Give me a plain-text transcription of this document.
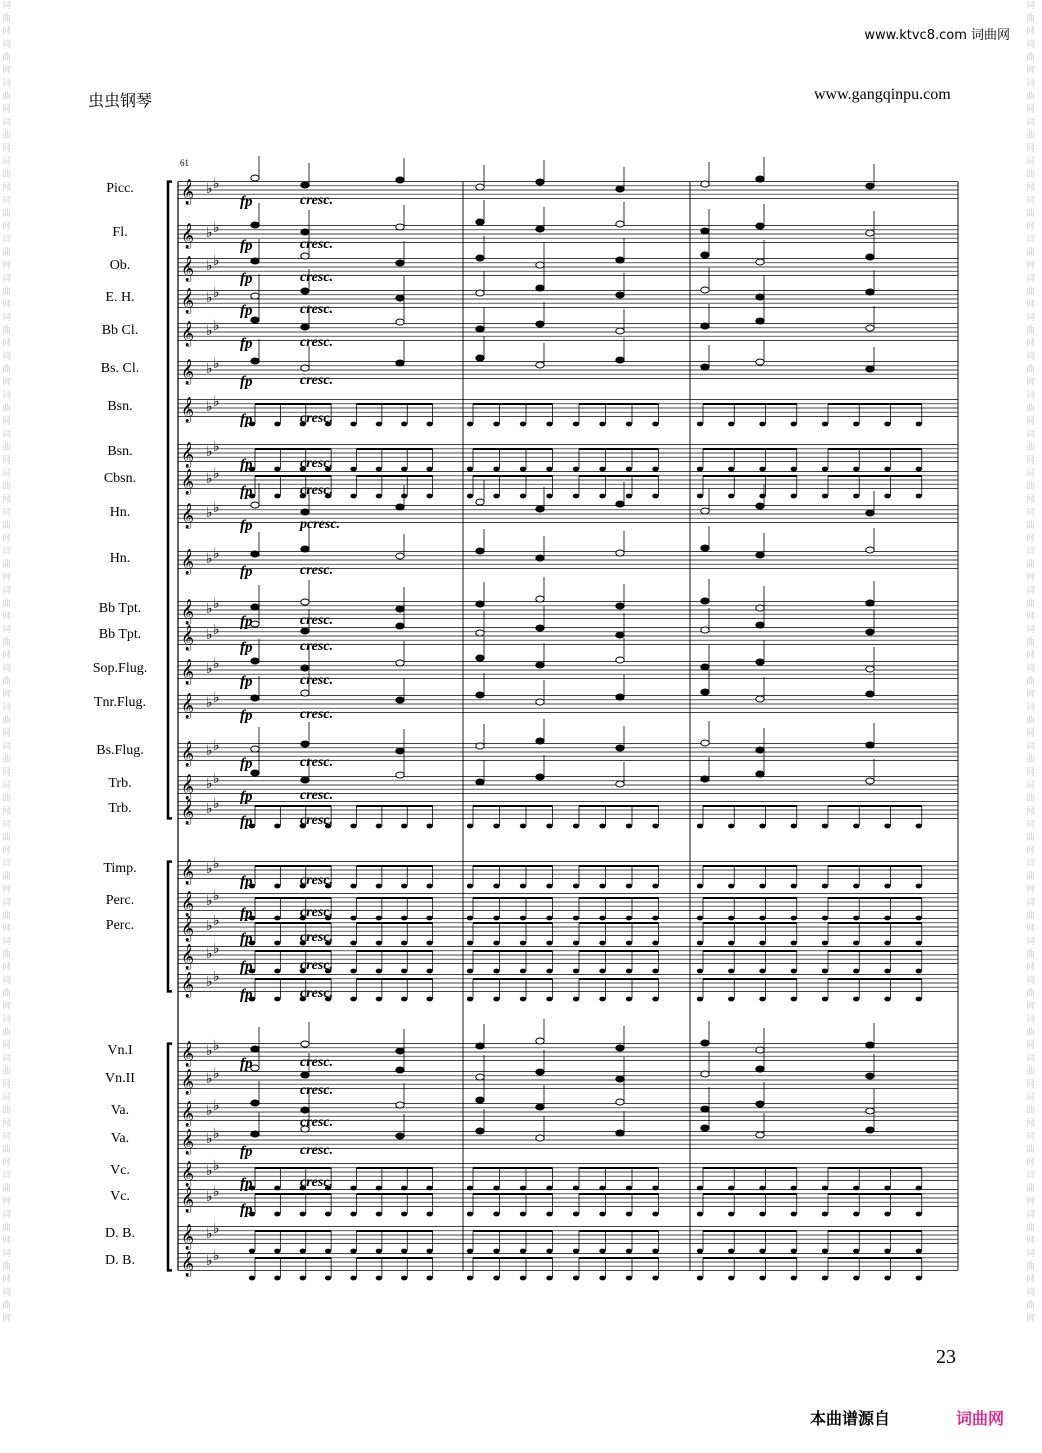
词曲网词曲网词曲网词曲网词曲网词曲网词曲网词曲网词曲网词曲网词曲网词曲网词曲网词曲网词曲网词曲网词曲网词曲网词曲网词曲网词曲网词曲网词曲网词曲网词曲网词曲网词曲网词曲网词曲网词曲网词曲网词曲网词曲网词曲网
词曲网词曲网词曲网词曲网词曲网词曲网词曲网词曲网词曲网词曲网词曲网词曲网词曲网词曲网词曲网词曲网词曲网词曲网词曲网词曲网词曲网词曲网词曲网词曲网词曲网词曲网词曲网词曲网词曲网词曲网词曲网词曲网词曲网词曲网
www.ktvc8.com 词曲网
虫虫钢琴	www.gangqinpu.com
61
𝄞 ♭ ♭
𝄞 ♭ ♭
𝄞 ♭ ♭
𝄞 ♭ ♭
𝄞 ♭ ♭
𝄞 ♭ ♭
𝄞 ♭ ♭
𝄞 ♭ ♭
𝄞 ♭ ♭
𝄞 ♭ ♭
𝄞 ♭ ♭
𝄞 ♭ ♭
𝄞 ♭ ♭
𝄞 ♭ ♭
𝄞 ♭ ♭
𝄞 ♭ ♭
𝄞 ♭ ♭
𝄞 ♭ ♭
𝄞 ♭ ♭
𝄞 ♭ ♭
𝄞 ♭ ♭
𝄞 ♭ ♭
𝄞 ♭ ♭
𝄞 ♭ ♭
𝄞 ♭ ♭
𝄞 ♭ ♭
𝄞 ♭ ♭
𝄞 ♭ ♭
𝄞 ♭ ♭
𝄞 ♭ ♭
𝄞 ♭ ♭
fp	cresc.
fp	cresc.
fp	cresc.
fp	cresc.
fp	cresc.
fp	cresc.
fp	cresc.
fp	cresc.
fp	cresc.
fp	pcresc.
fp	cresc.
fp	cresc.
fp	cresc.
fp	cresc.
fp	cresc.
fp	cresc.
fp	cresc.
fp	cresc.
fp	cresc.
fp	cresc.
fp	cresc.
fp	cresc.
fp	cresc.
fp	cresc.
cresc.
cresc.
fp	cresc.
fp	cresc.
fp
Picc.
Fl.
Ob.
E. H.
Bb Cl.
Bs. Cl.
Bsn.
Bsn.
Cbsn.
Hn.
Hn.
Bb Tpt.
Bb Tpt.
Sop.Flug.
Tnr.Flug.
Bs.Flug.
Trb.
Trb.
Timp.
Perc.
Perc.
Vn.I
Vn.II
Va.
Va.
Vc.
Vc.
D. B.
D. B.
23
本曲谱源自	词曲网
